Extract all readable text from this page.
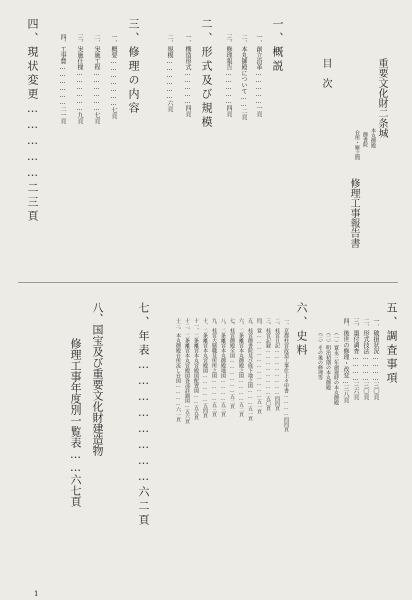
重要文化財二条城
本丸御殿
御書院
台所・雁之間
修理工事報告書
目次
一、概説
一、創立沿革……………一頁
二、本丸御殿について……二頁
三、修理報告……………四頁
二、形式及び規模
一、構造形式……………四頁
二、規模………………六頁
三、修理の内容
一、概要…………………七頁
二、実施工程………………七頁
三、実施仕様………………九頁
四、工事費………………二一頁
四、現状変更……………二三頁
五、調査事項
一、破損状況…………三〇頁
二、形式技法…………三〇頁
三、墨付調査…………三六頁
四、後世の修理・改変…三八頁
（一）寛永三年創建時の本丸御殿
（二）明治初期の本丸御殿
（三）その後の修理等
六、史料
一、京都柱宮改造工事仕上々申書…………四四頁
二、桂宮日記……………………四四頁
三、桂宮記録……………………五〇頁
四、覚……………………………五一頁
五、桂宮御書院及び庭下地之図………五一頁
六、二条離宮本丸御殿之図…………五二頁
七、桂宮御殿全図………………五二頁
八、二条離宮本丸御殿地図…………五三頁
九、桂宮大膳職及所所之図…………五三頁
十、二条離宮本丸宮殿図……………五四頁
十一、二条離宮本丸宮殿図配置図……五五頁
十二、二条離宮本丸宮殿図各部詳細図…五六頁
十三、本丸御殿台所流し台図…………六一頁
七、年表……………………六二頁
八、国宝及び重要文化財建造物
修理工事年度別一覧表……六七頁
1
